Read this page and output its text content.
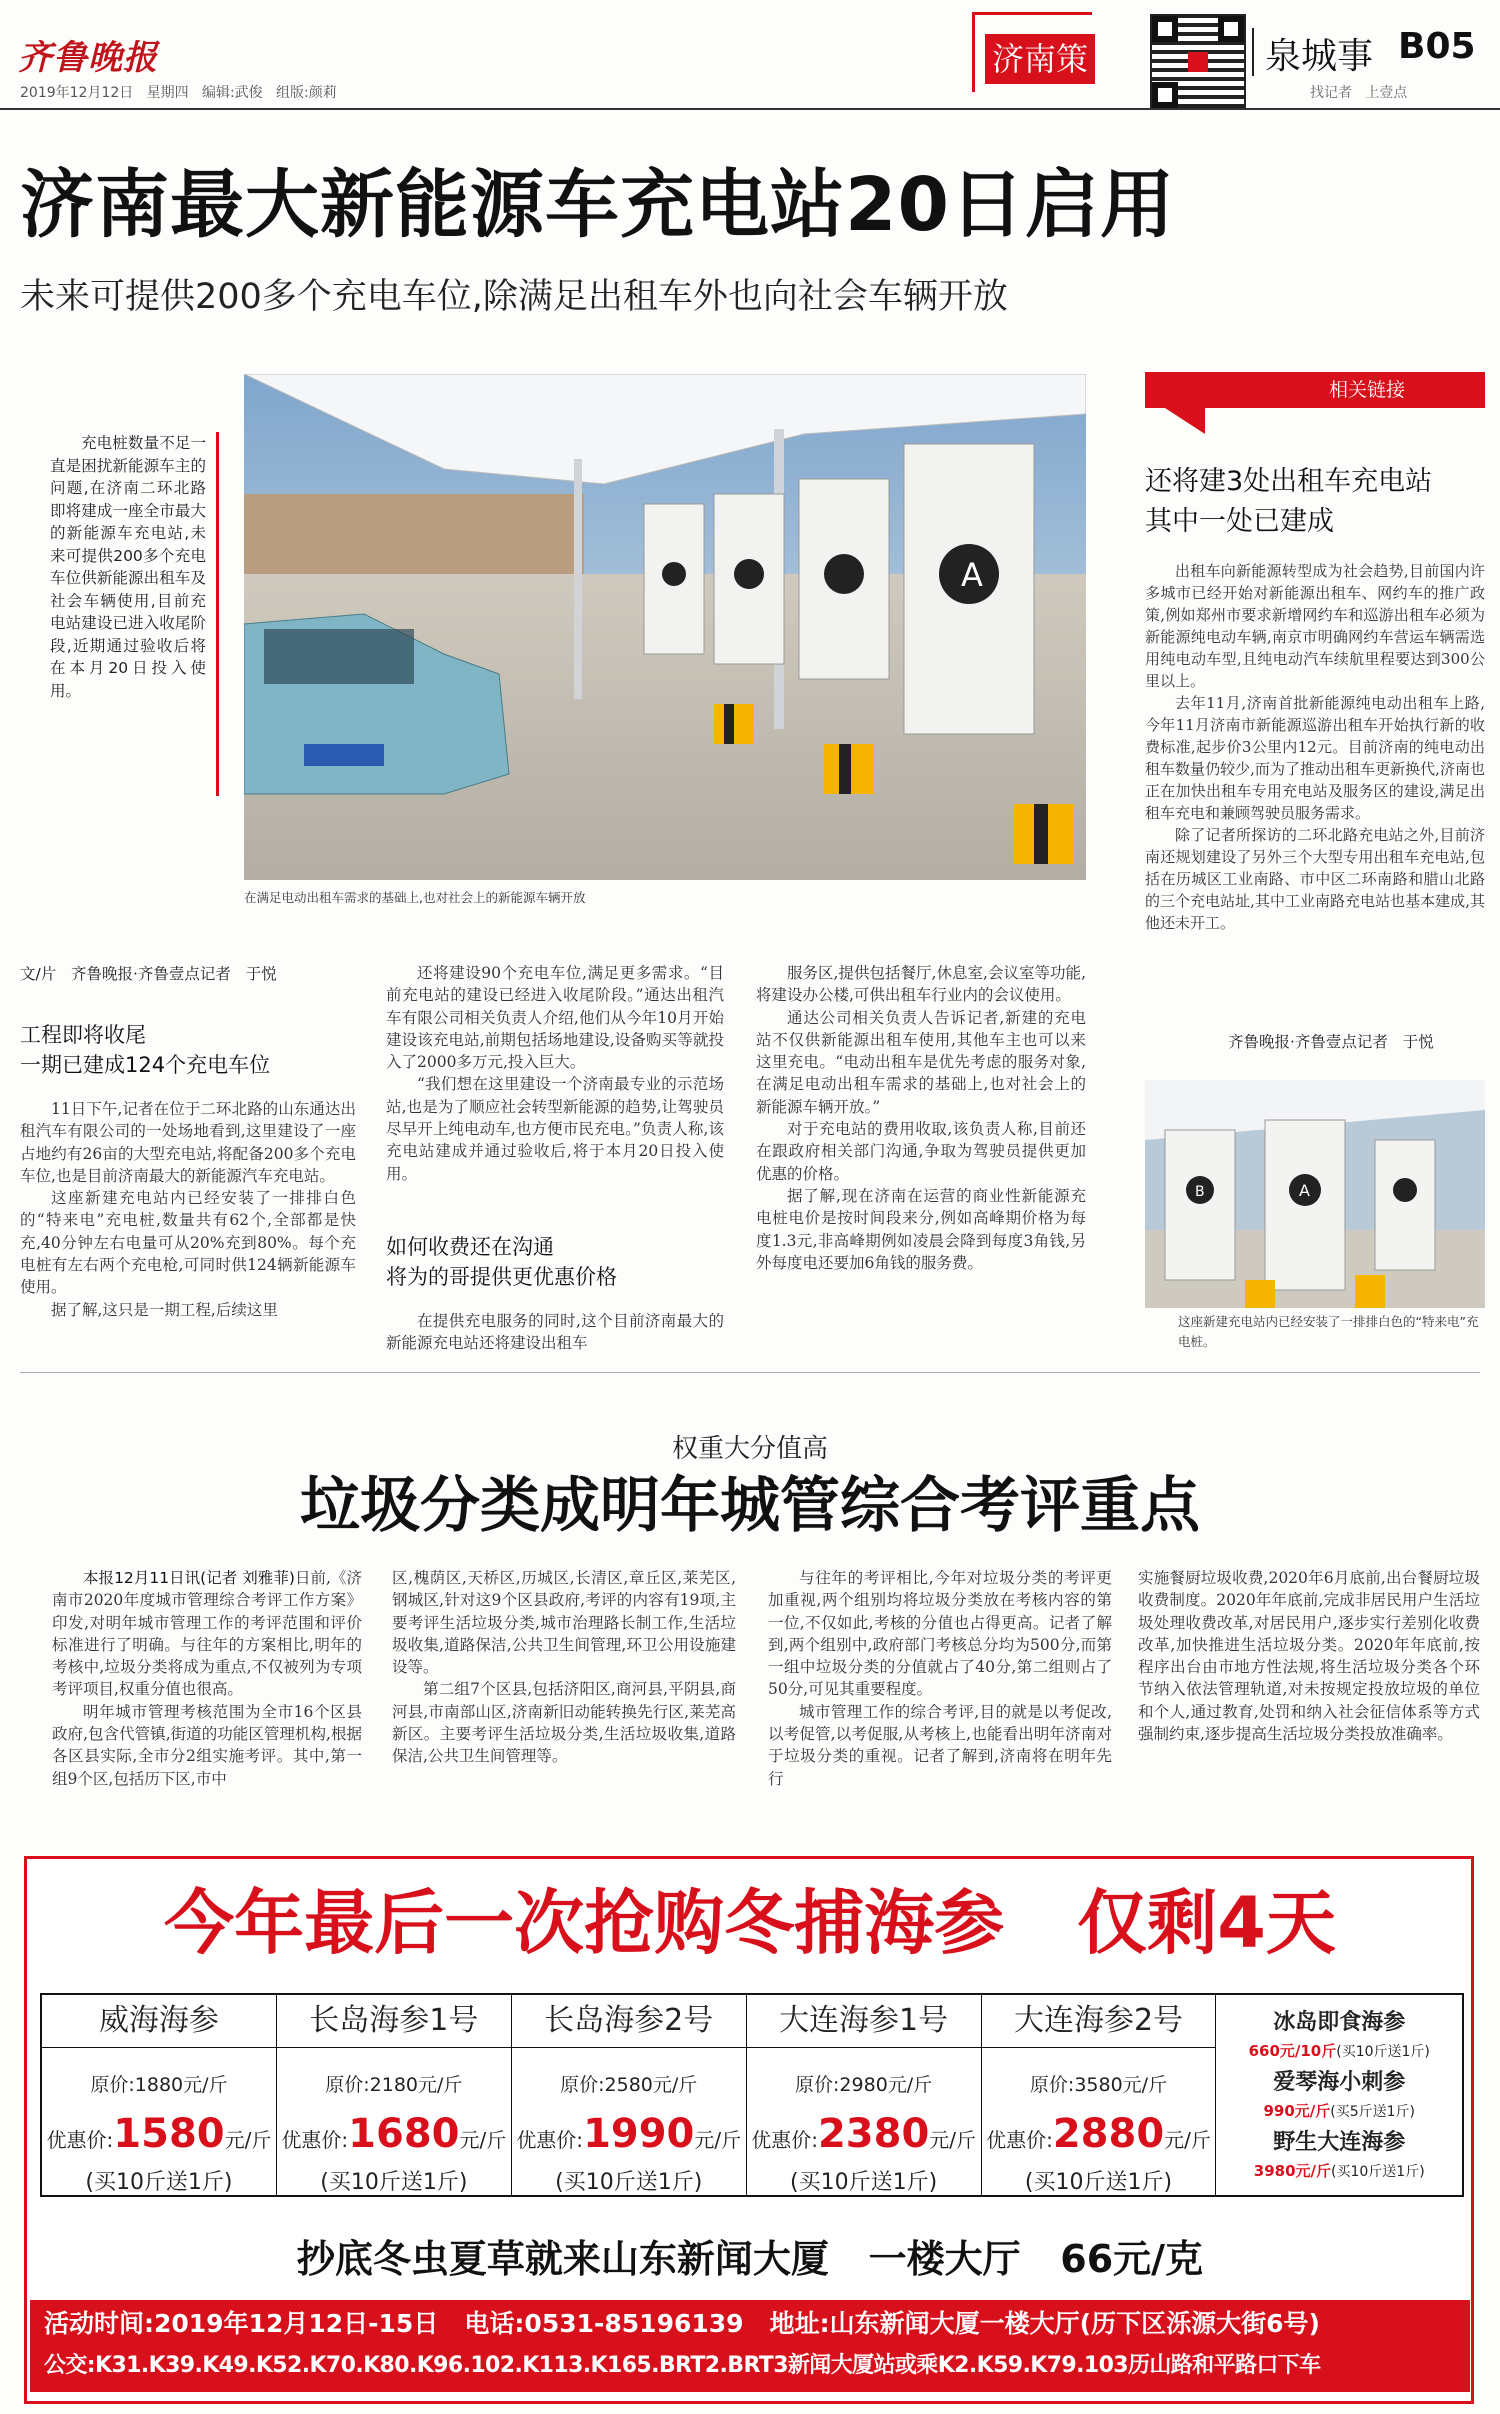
齐鲁晚报
2019年12月12日   星期四   编辑:武俊   组版:颜莉
济南策	泉城事 B05
找记者   上壹点
济南最大新能源车充电站20日启用
未来可提供200多个充电车位,除满足出租车外也向社会车辆开放
充电桩数量不足一直是困扰新能源车主的问题,在济南二环北路即将建成一座全市最大的新能源车充电站,未来可提供200多个充电车位供新能源出租车及社会车辆使用,目前充电站建设已进入收尾阶段,近期通过验收后将在本月20日投入使用。
A
在满足电动出租车需求的基础上,也对社会上的新能源车辆开放
文/片   齐鲁晚报·齐鲁壹点记者   于悦
工程即将收尾
一期已建成124个充电车位

11日下午,记者在位于二环北路的山东通达出租汽车有限公司的一处场地看到,这里建设了一座占地约有26亩的大型充电站,将配备200多个充电车位,也是目前济南最大的新能源汽车充电站。

这座新建充电站内已经安装了一排排白色的“特来电”充电桩,数量共有62个,全部都是快充,40分钟左右电量可从20%充到80%。每个充电桩有左右两个充电枪,可同时供124辆新能源车使用。

据了解,这只是一期工程,后续这里

还将建设90个充电车位,满足更多需求。“目前充电站的建设已经进入收尾阶段。”通达出租汽车有限公司相关负责人介绍,他们从今年10月开始建设该充电站,前期包括场地建设,设备购买等就投入了2000多万元,投入巨大。

“我们想在这里建设一个济南最专业的示范场站,也是为了顺应社会转型新能源的趋势,让驾驶员尽早开上纯电动车,也方便市民充电。”负责人称,该充电站建成并通过验收后,将于本月20日投入使用。

如何收费还在沟通
将为的哥提供更优惠价格

在提供充电服务的同时,这个目前济南最大的新能源充电站还将建设出租车

服务区,提供包括餐厅,休息室,会议室等功能,将建设办公楼,可供出租车行业内的会议使用。

通达公司相关负责人告诉记者,新建的充电站不仅供新能源出租车使用,其他车主也可以来这里充电。“电动出租车是优先考虑的服务对象,在满足电动出租车需求的基础上,也对社会上的新能源车辆开放。”

对于充电站的费用收取,该负责人称,目前还在跟政府相关部门沟通,争取为驾驶员提供更加优惠的价格。

据了解,现在济南在运营的商业性新能源充电桩电价是按时间段来分,例如高峰期价格为每度1.3元,非高峰期例如凌晨会降到每度3角钱,另外每度电还要加6角钱的服务费。

相关链接
还将建3处出租车充电站
其中一处已建成

出租车向新能源转型成为社会趋势,目前国内许多城市已经开始对新能源出租车、网约车的推广政策,例如郑州市要求新增网约车和巡游出租车必须为新能源纯电动车辆,南京市明确网约车营运车辆需选用纯电动车型,且纯电动汽车续航里程要达到300公里以上。

去年11月,济南首批新能源纯电动出租车上路,今年11月济南市新能源巡游出租车开始执行新的收费标准,起步价3公里内12元。目前济南的纯电动出租车数量仍较少,而为了推动出租车更新换代,济南也正在加快出租车专用充电站及服务区的建设,满足出租车充电和兼顾驾驶员服务需求。

除了记者所探访的二环北路充电站之外,目前济南还规划建设了另外三个大型专用出租车充电站,包括在历城区工业南路、市中区二环南路和腊山北路的三个充电站址,其中工业南路充电站也基本建成,其他还未开工。

齐鲁晚报·齐鲁壹点记者   于悦
B	A
这座新建充电站内已经安装了一排排白色的“特来电”充电桩。
权重大分值高
垃圾分类成明年城管综合考评重点

本报12月11日讯(记者 刘雅菲)日前,《济南市2020年度城市管理综合考评工作方案》印发,对明年城市管理工作的考评范围和评价标准进行了明确。与往年的方案相比,明年的考核中,垃圾分类将成为重点,不仅被列为专项考评项目,权重分值也很高。

明年城市管理考核范围为全市16个区县政府,包含代管镇,街道的功能区管理机构,根据各区县实际,全市分2组实施考评。其中,第一组9个区,包括历下区,市中

区,槐荫区,天桥区,历城区,长清区,章丘区,莱芜区,钢城区,针对这9个区县政府,考评的内容有19项,主要考评生活垃圾分类,城市治理路长制工作,生活垃圾收集,道路保洁,公共卫生间管理,环卫公用设施建设等。

第二组7个区县,包括济阳区,商河县,平阴县,商河县,市南部山区,济南新旧动能转换先行区,莱芜高新区。主要考评生活垃圾分类,生活垃圾收集,道路保洁,公共卫生间管理等。

与往年的考评相比,今年对垃圾分类的考评更加重视,两个组别均将垃圾分类放在考核内容的第一位,不仅如此,考核的分值也占得更高。记者了解到,两个组别中,政府部门考核总分均为500分,而第一组中垃圾分类的分值就占了40分,第二组则占了50分,可见其重要程度。

城市管理工作的综合考评,目的就是以考促改,以考促管,以考促服,从考核上,也能看出明年济南对于垃圾分类的重视。记者了解到,济南将在明年先行

实施餐厨垃圾收费,2020年6月底前,出台餐厨垃圾收费制度。2020年年底前,完成非居民用户生活垃圾处理收费改革,对居民用户,逐步实行差别化收费改革,加快推进生活垃圾分类。2020年年底前,按程序出台由市地方性法规,将生活垃圾分类各个环节纳入依法管理轨道,对未按规定投放垃圾的单位和个人,通过教育,处罚和纳入社会征信体系等方式强制约束,逐步提高生活垃圾分类投放准确率。

今年最后一次抢购冬捕海参   仅剩4天
威海海参
原价:1880元/斤
优惠价:1580元/斤
(买10斤送1斤)
长岛海参1号
原价:2180元/斤
优惠价:1680元/斤
(买10斤送1斤)
长岛海参2号
原价:2580元/斤
优惠价:1990元/斤
(买10斤送1斤)
大连海参1号
原价:2980元/斤
优惠价:2380元/斤
(买10斤送1斤)
大连海参2号
原价:3580元/斤
优惠价:2880元/斤
(买10斤送1斤)
冰岛即食海参
660元/10斤(买10斤送1斤)
爱琴海小刺参
990元/斤(买5斤送1斤)
野生大连海参
3980元/斤(买10斤送1斤)
抄底冬虫夏草就来山东新闻大厦   一楼大厅   66元/克
活动时间:2019年12月12日-15日   电话:0531-85196139   地址:山东新闻大厦一楼大厅(历下区泺源大街6号)
公交:K31.K39.K49.K52.K70.K80.K96.102.K113.K165.BRT2.BRT3新闻大厦站或乘K2.K59.K79.103历山路和平路口下车
